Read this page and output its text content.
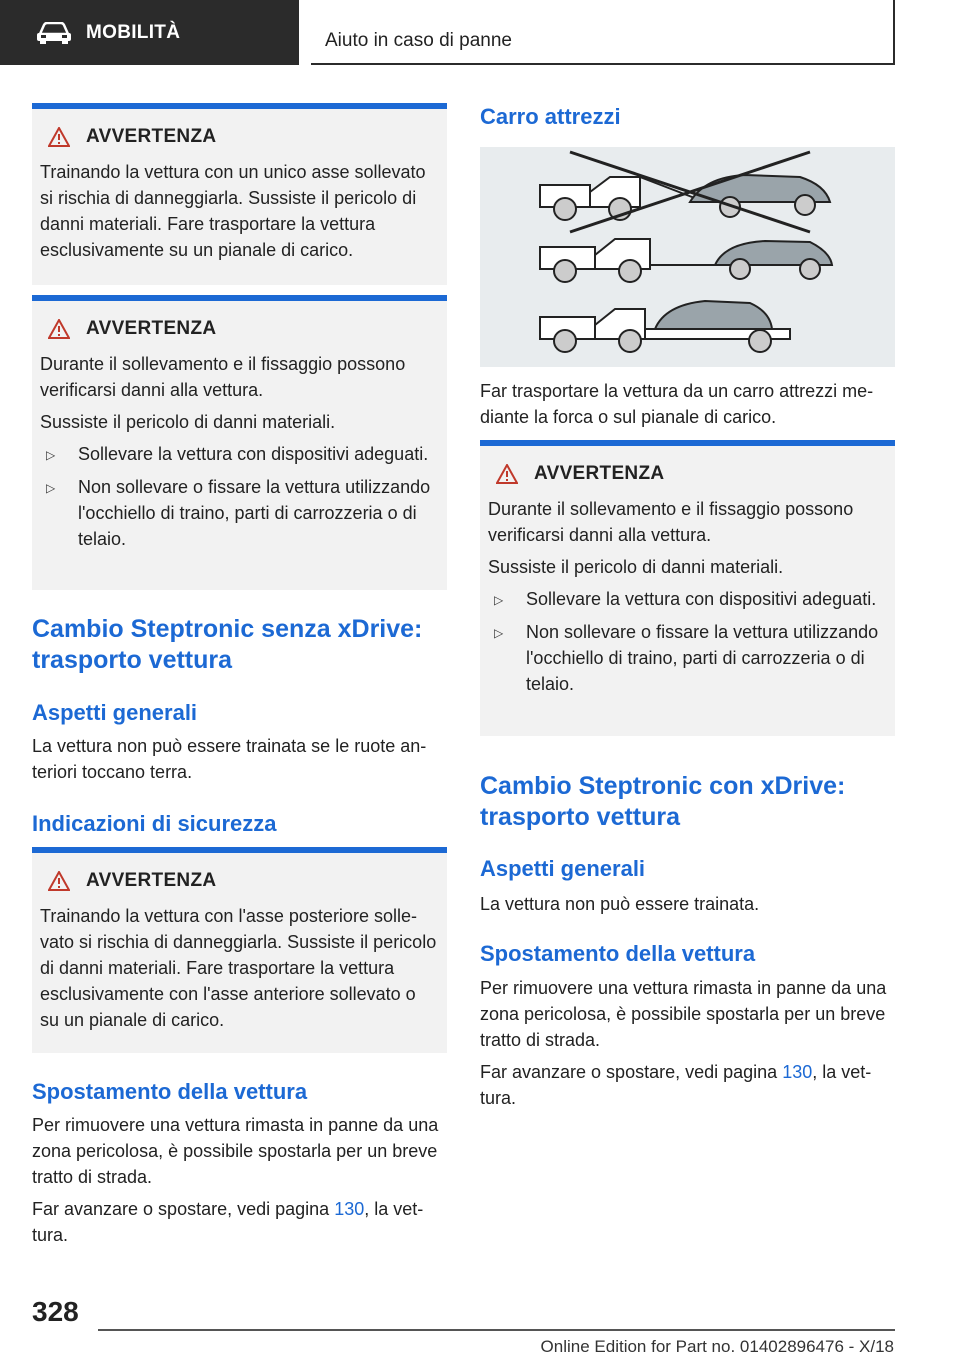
MOBILITÀ	Aiuto in caso di panne
AVVERTENZA

Trainando la vettura con un unico asse sollevato si rischia di danneggiarla. Sussiste il pericolo di danni materiali. Fare trasportare la vettura esclusivamente su un pianale di carico.

AVVERTENZA

Durante il sollevamento e il fissaggio possono verificarsi danni alla vettura.

Sussiste il pericolo di danni materiali.

▷	Sollevare la vettura con dispositivi adeguati.
▷	Non sollevare o fissare la vettura utilizzando l'occhiello di traino, parti di carrozzeria o di telaio.
Cambio Steptronic senza xDrive: trasporto vettura
Aspetti generali

La vettura non può essere trainata se le ruote anteriori toccano terra.

Indicazioni di sicurezza
AVVERTENZA

Trainando la vettura con l'asse posteriore sollevato si rischia di danneggiarla. Sussiste il pericolo di danni materiali. Fare trasportare la vettura esclusivamente con l'asse anteriore sollevato o su un pianale di carico.

Spostamento della vettura

Per rimuovere una vettura rimasta in panne da una zona pericolosa, è possibile spostarla per un breve tratto di strada.

Far avanzare o spostare, vedi pagina 130, la vettura.

Carro attrezzi

Far trasportare la vettura da un carro attrezzi mediante la forca o sul pianale di carico.

AVVERTENZA

Durante il sollevamento e il fissaggio possono verificarsi danni alla vettura.

Sussiste il pericolo di danni materiali.

▷	Sollevare la vettura con dispositivi adeguati.
▷	Non sollevare o fissare la vettura utilizzando l'occhiello di traino, parti di carrozzeria o di telaio.
Cambio Steptronic con xDrive: trasporto vettura
Aspetti generali

La vettura non può essere trainata.

Spostamento della vettura

Per rimuovere una vettura rimasta in panne da una zona pericolosa, è possibile spostarla per un breve tratto di strada.

Far avanzare o spostare, vedi pagina 130, la vettura.

328
Online Edition for Part no. 01402896476 - X/18
